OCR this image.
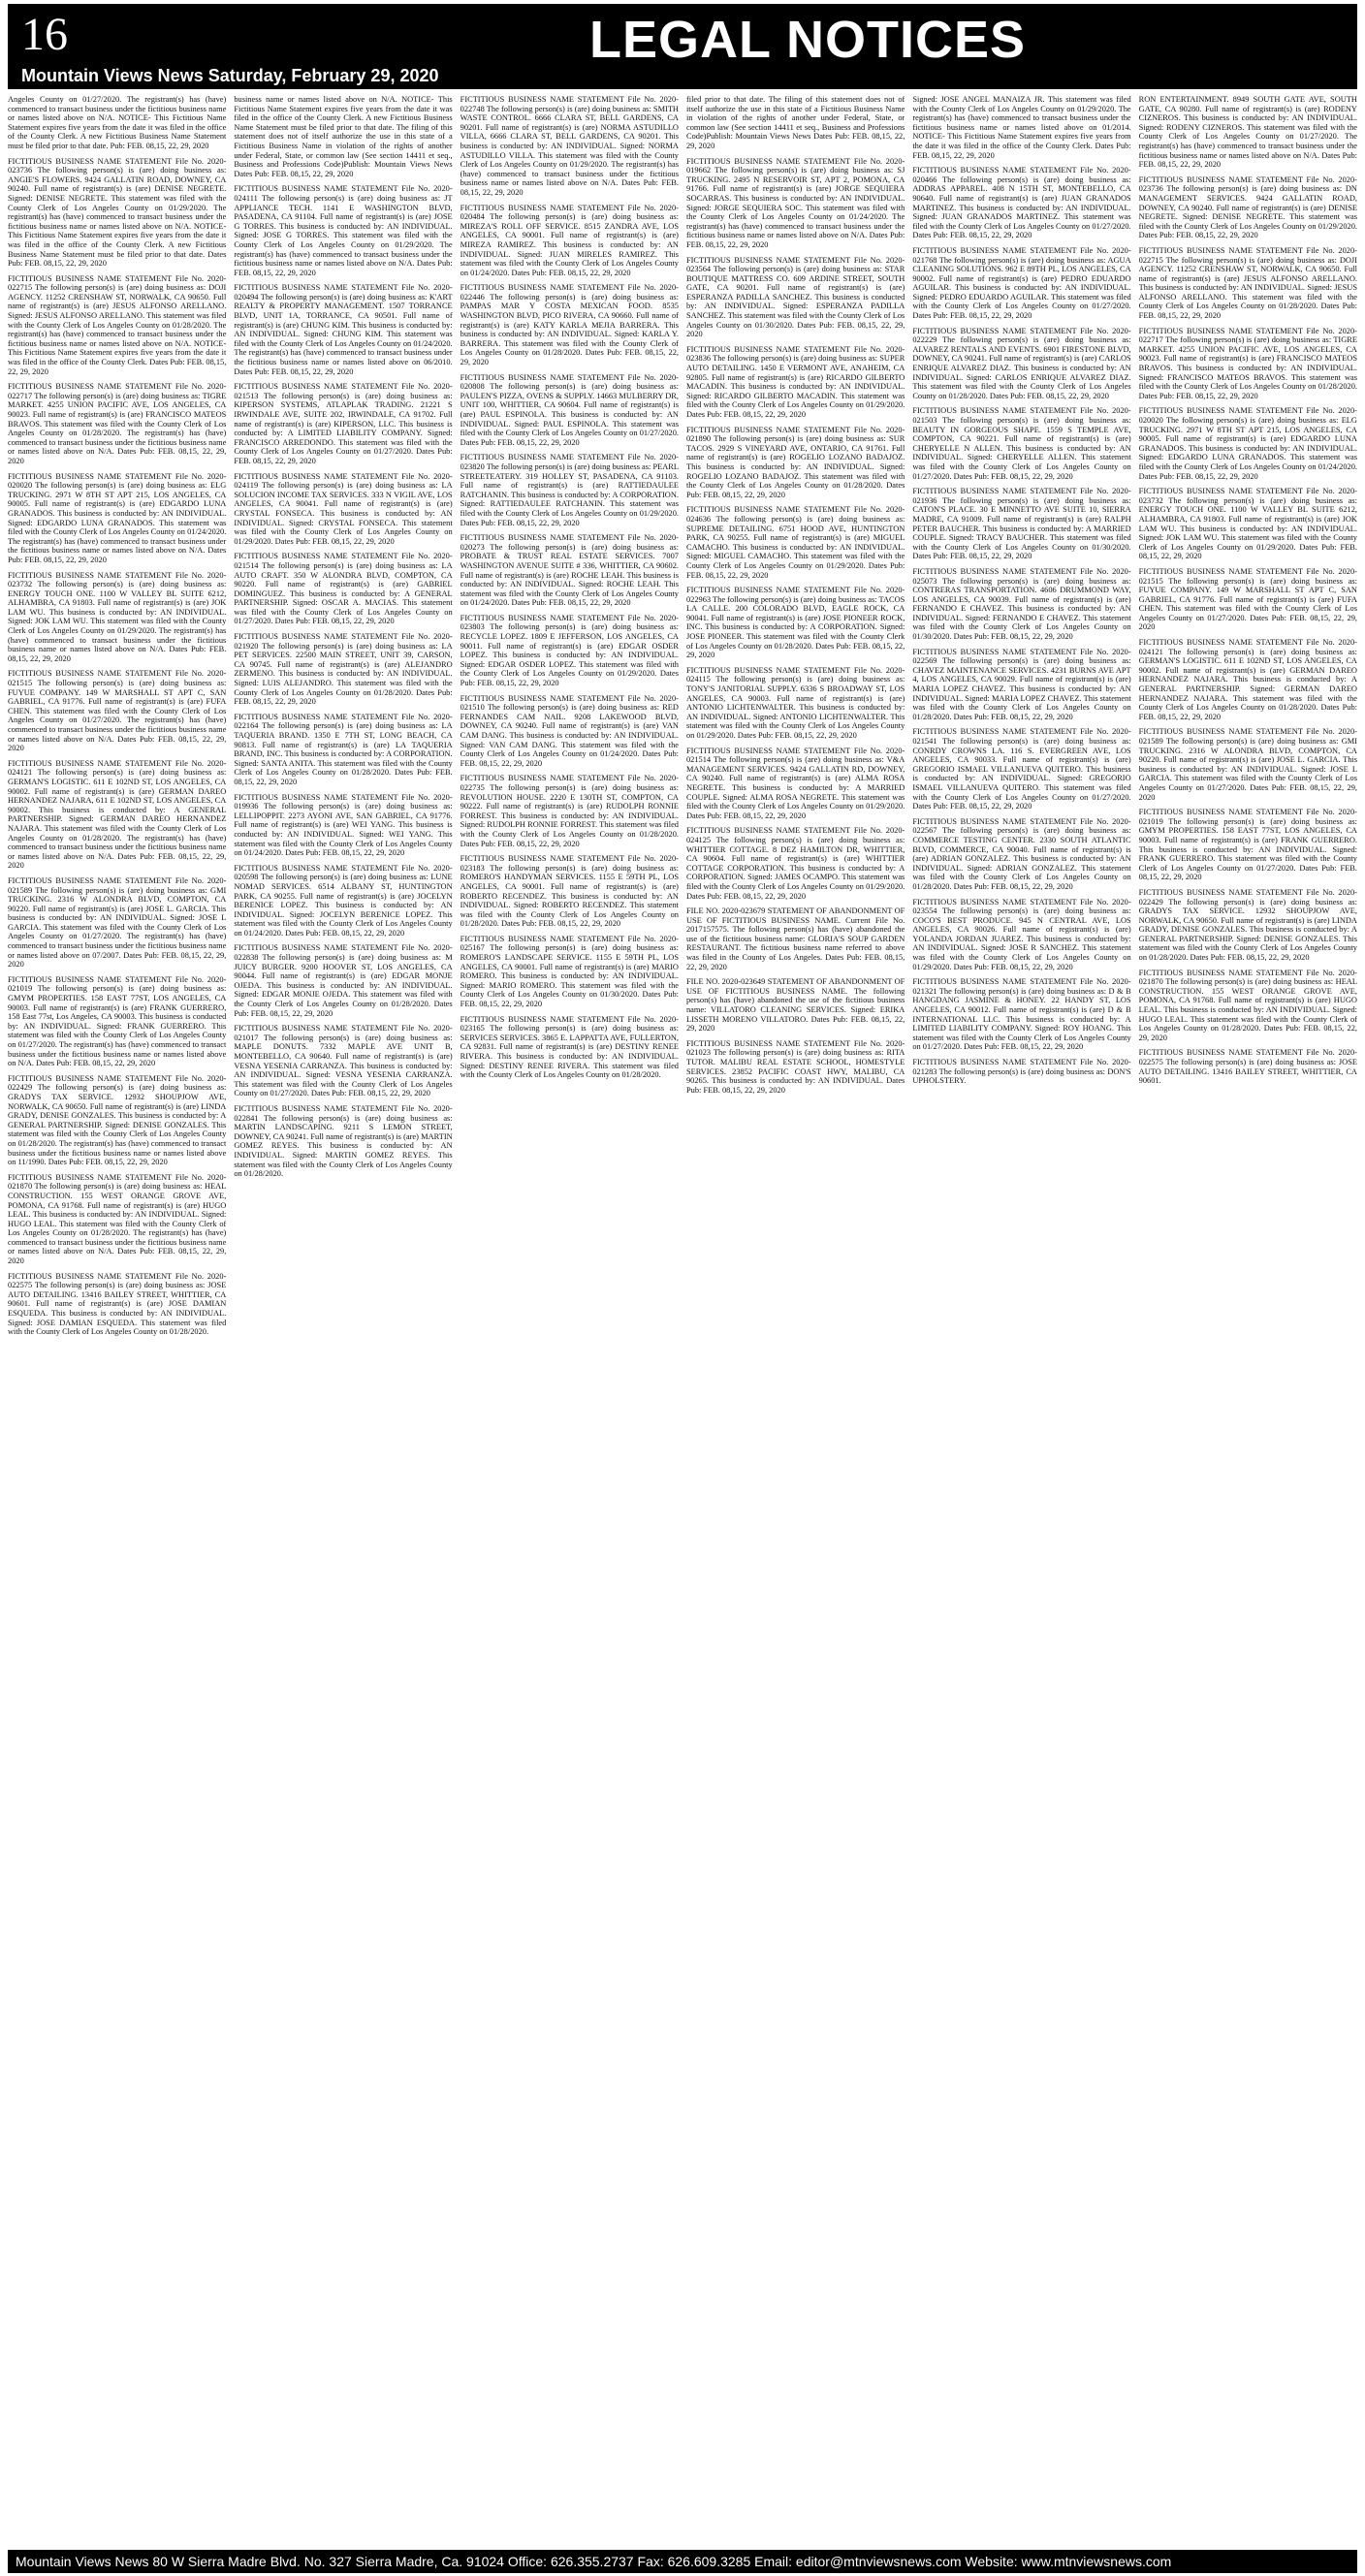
16	LEGAL NOTICES
Mountain Views News Saturday, February 29, 2020

Angeles County on 01/27/2020. The registrant(s) has (have) commenced to transact business under the fictitious business name or names listed above on N/A. NOTICE- This Fictitious Name Statement expires five years from the date it was filed in the office of the County Clerk. A new Fictitious Business Name Statement must be filed prior to that date. Pub: FEB. 08,15, 22, 29, 2020

FICTITIOUS BUSINESS NAME STATEMENT File No. 2020-023736 The following person(s) is (are) doing business as: ANGIE'S FLOWERS. 9424 GALLATIN ROAD, DOWNEY, CA 90240. Full name of registrant(s) is (are) DENISE NEGRETE. Signed: DENISE NEGRETE. This statement was filed with the County Clerk of Los Angeles County on 01/29/2020. The registrant(s) has (have) commenced to transact business under the fictitious business name or names listed above on N/A. NOTICE- This Fictitious Name Statement expires five years from the date it was filed in the office of the County Clerk. A new Fictitious Business Name Statement must be filed prior to that date. Dates Pub: FEB. 08,15, 22, 29, 2020

FICTITIOUS BUSINESS NAME STATEMENT File No. 2020-022715 The following person(s) is (are) doing business as: DOJI AGENCY. 11252 CRENSHAW ST, NORWALK, CA 90650. Full name of registrant(s) is (are) JESUS ALFONSO ARELLANO. Signed: JESUS ALFONSO ARELLANO. This statement was filed with the County Clerk of Los Angeles County on 01/28/2020. The registrant(s) has (have) commenced to transact business under the fictitious business name or names listed above on N/A. NOTICE- This Fictitious Name Statement expires five years from the date it was filed in the office of the County Clerk. Dates Pub: FEB. 08,15, 22, 29, 2020

FICTITIOUS BUSINESS NAME STATEMENT File No. 2020-022717 The following person(s) is (are) doing business as: TIGRE MARKET. 4255 UNION PACIFIC AVE, LOS ANGELES, CA 90023. Full name of registrant(s) is (are) FRANCISCO MATEOS BRAVOS. This statement was filed with the County Clerk of Los Angeles County on 01/28/2020. The registrant(s) has (have) commenced to transact business under the fictitious business name or names listed above on N/A. Dates Pub: FEB. 08,15, 22, 29, 2020

FICTITIOUS BUSINESS NAME STATEMENT File No. 2020-020020 The following person(s) is (are) doing business as: ELG TRUCKING. 2971 W 8TH ST APT 215, LOS ANGELES, CA 90005. Full name of registrant(s) is (are) EDGARDO LUNA GRANADOS. This business is conducted by: AN INDIVIDUAL. Signed: EDGARDO LUNA GRANADOS. This statement was filed with the County Clerk of Los Angeles County on 01/24/2020. The registrant(s) has (have) commenced to transact business under the fictitious business name or names listed above on N/A. Dates Pub: FEB. 08,15, 22, 29, 2020

FICTITIOUS BUSINESS NAME STATEMENT File No. 2020-023732 The following person(s) is (are) doing business as: ENERGY TOUCH ONE. 1100 W VALLEY BL SUITE 6212, ALHAMBRA, CA 91803. Full name of registrant(s) is (are) JOK LAM WU. This business is conducted by: AN INDIVIDUAL. Signed: JOK LAM WU. This statement was filed with the County Clerk of Los Angeles County on 01/29/2020. The registrant(s) has (have) commenced to transact business under the fictitious business name or names listed above on N/A. Dates Pub: FEB. 08,15, 22, 29, 2020

FICTITIOUS BUSINESS NAME STATEMENT File No. 2020-021515 The following person(s) is (are) doing business as: FUYUE COMPANY. 149 W MARSHALL ST APT C, SAN GABRIEL, CA 91776. Full name of registrant(s) is (are) FUFA CHEN. This statement was filed with the County Clerk of Los Angeles County on 01/27/2020. The registrant(s) has (have) commenced to transact business under the fictitious business name or names listed above on N/A. Dates Pub: FEB. 08,15, 22, 29, 2020

FICTITIOUS BUSINESS NAME STATEMENT File No. 2020-024121 The following person(s) is (are) doing business as: GERMAN'S LOGISTIC. 611 E 102ND ST, LOS ANGELES, CA 90002. Full name of registrant(s) is (are) GERMAN DAREO HERNANDEZ NAJARA, 611 E 102ND ST, LOS ANGELES, CA 90002. This business is conducted by: A GENERAL PARTNERSHIP. Signed: GERMAN DAREO HERNANDEZ NAJARA. This statement was filed with the County Clerk of Los Angeles County on 01/28/2020. The registrant(s) has (have) commenced to transact business under the fictitious business name or names listed above on N/A. Dates Pub: FEB. 08,15, 22, 29, 2020

FICTITIOUS BUSINESS NAME STATEMENT File No. 2020-021589 The following person(s) is (are) doing business as: GMI TRUCKING. 2316 W ALONDRA BLVD, COMPTON, CA 90220. Full name of registrant(s) is (are) JOSE L. GARCIA. This business is conducted by: AN INDIVIDUAL. Signed: JOSE L GARCIA. This statement was filed with the County Clerk of Los Angeles County on 01/27/2020. The registrant(s) has (have) commenced to transact business under the fictitious business name or names listed above on 07/2007. Dates Pub: FEB. 08,15, 22, 29, 2020

FICTITIOUS BUSINESS NAME STATEMENT File No. 2020-021019 The following person(s) is (are) doing business as: GMYM PROPERTIES. 158 EAST 77ST, LOS ANGELES, CA 90003. Full name of registrant(s) is (are) FRANK GUERRERO, 158 East 77st, Los Angeles, CA 90003. This business is conducted by: AN INDIVIDUAL. Signed: FRANK GUERRERO. This statement was filed with the County Clerk of Los Angeles County on 01/27/2020. The registrant(s) has (have) commenced to transact business under the fictitious business name or names listed above on N/A. Dates Pub: FEB. 08,15, 22, 29, 2020

FICTITIOUS BUSINESS NAME STATEMENT File No. 2020-022429 The following person(s) is (are) doing business as: GRADYS TAX SERVICE. 12932 SHOUPJOW AVE, NORWALK, CA 90650. Full name of registrant(s) is (are) LINDA GRADY, DENISE GONZALES. This business is conducted by: A GENERAL PARTNERSHIP. Signed: DENISE GONZALES. This statement was filed with the County Clerk of Los Angeles County on 01/28/2020. The registrant(s) has (have) commenced to transact business under the fictitious business name or names listed above on 11/1990. Dates Pub: FEB. 08,15, 22, 29, 2020

FICTITIOUS BUSINESS NAME STATEMENT File No. 2020-021870 The following person(s) is (are) doing business as: HEAL CONSTRUCTION. 155 WEST ORANGE GROVE AVE, POMONA, CA 91768. Full name of registrant(s) is (are) HUGO LEAL. This business is conducted by: AN INDIVIDUAL. Signed: HUGO LEAL. This statement was filed with the County Clerk of Los Angeles County on 01/28/2020. The registrant(s) has (have) commenced to transact business under the fictitious business name or names listed above on N/A. Dates Pub: FEB. 08,15, 22, 29, 2020

FICTITIOUS BUSINESS NAME STATEMENT File No. 2020-022575 The following person(s) is (are) doing business as: JOSE AUTO DETAILING. 13416 BAILEY STREET, WHITTIER, CA 90601. Full name of registrant(s) is (are) JOSE DAMIAN ESQUEDA. This business is conducted by: AN INDIVIDUAL. Signed: JOSE DAMIAN ESQUEDA. This statement was filed with the County Clerk of Los Angeles County on 01/28/2020.

business name or names listed above on N/A. NOTICE- This Fictitious Name Statement expires five years from the date it was filed in the office of the County Clerk. A new Fictitious Business Name Statement must be filed prior to that date. The filing of this statement does not of itself authorize the use in this state of a Fictitious Business Name in violation of the rights of another under Federal, State, or common law (See section 14411 et seq., Business and Professions Code)Publish: Mountain Views News Dates Pub: FEB. 08,15, 22, 29, 2020

FICTITIOUS BUSINESS NAME STATEMENT File No. 2020-024111 The following person(s) is (are) doing business as: JT APPLIANCE TECH. 1141 E WASHINGTON BLVD, PASADENA, CA 91104. Full name of registrant(s) is (are) JOSE G TORRES. This business is conducted by: AN INDIVIDUAL. Signed: JOSE G TORRES. This statement was filed with the County Clerk of Los Angeles County on 01/29/2020. The registrant(s) has (have) commenced to transact business under the fictitious business name or names listed above on N/A. Dates Pub: FEB. 08,15, 22, 29, 2020

FICTITIOUS BUSINESS NAME STATEMENT File No. 2020-020494 The following person(s) is (are) doing business as: K'ART REALTY & PROPERTY MANAGEMENT. 1507 TORRANCE BLVD, UNIT 1A, TORRANCE, CA 90501. Full name of registrant(s) is (are) CHUNG KIM. This business is conducted by: AN INDIVIDUAL. Signed: CHUNG KIM. This statement was filed with the County Clerk of Los Angeles County on 01/24/2020. The registrant(s) has (have) commenced to transact business under the fictitious business name or names listed above on 06/2010. Dates Pub: FEB. 08,15, 22, 29, 2020

FICTITIOUS BUSINESS NAME STATEMENT File No. 2020-021513 The following person(s) is (are) doing business as: KIPERSON SYSTEMS, ATLAPLAK TRADING. 21221 S IRWINDALE AVE, SUITE 202, IRWINDALE, CA 91702. Full name of registrant(s) is (are) KIPERSON, LLC. This business is conducted by: A LIMITED LIABILITY COMPANY. Signed: FRANCISCO ARREDONDO. This statement was filed with the County Clerk of Los Angeles County on 01/27/2020. Dates Pub: FEB. 08,15, 22, 29, 2020

FICTITIOUS BUSINESS NAME STATEMENT File No. 2020-024119 The following person(s) is (are) doing business as: LA SOLUCION INCOME TAX SERVICES. 333 N VIGIL AVE, LOS ANGELES, CA 90041. Full name of registrant(s) is (are) CRYSTAL FONSECA. This business is conducted by: AN INDIVIDUAL. Signed: CRYSTAL FONSECA. This statement was filed with the County Clerk of Los Angeles County on 01/29/2020. Dates Pub: FEB. 08,15, 22, 29, 2020

FICTITIOUS BUSINESS NAME STATEMENT File No. 2020-021514 The following person(s) is (are) doing business as: LA AUTO CRAFT. 350 W ALONDRA BLVD, COMPTON, CA 90220. Full name of registrant(s) is (are) GABRIEL DOMINGUEZ. This business is conducted by: A GENERAL PARTNERSHIP. Signed: OSCAR A. MACIAS. This statement was filed with the County Clerk of Los Angeles County on 01/27/2020. Dates Pub: FEB. 08,15, 22, 29, 2020

FICTITIOUS BUSINESS NAME STATEMENT File No. 2020-021920 The following person(s) is (are) doing business as: LA PET SERVICES. 22500 MAIN STREET, UNIT 39, CARSON, CA 90745. Full name of registrant(s) is (are) ALEJANDRO ZERMENO. This business is conducted by: AN INDIVIDUAL. Signed: LUIS ALEJANDRO. This statement was filed with the County Clerk of Los Angeles County on 01/28/2020. Dates Pub: FEB. 08,15, 22, 29, 2020

FICTITIOUS BUSINESS NAME STATEMENT File No. 2020-022164 The following person(s) is (are) doing business as: LA TAQUERIA BRAND. 1350 E 7TH ST, LONG BEACH, CA 90813. Full name of registrant(s) is (are) LA TAQUERIA BRAND, INC. This business is conducted by: A CORPORATION. Signed: SANTA ANITA. This statement was filed with the County Clerk of Los Angeles County on 01/28/2020. Dates Pub: FEB. 08,15, 22, 29, 2020

FICTITIOUS BUSINESS NAME STATEMENT File No. 2020-019936 The following person(s) is (are) doing business as: LELLIPOPPIT. 2273 AYONI AVE, SAN GABRIEL, CA 91776. Full name of registrant(s) is (are) WEI YANG. This business is conducted by: AN INDIVIDUAL. Signed: WEI YANG. This statement was filed with the County Clerk of Los Angeles County on 01/24/2020. Dates Pub: FEB. 08,15, 22, 29, 2020

FICTITIOUS BUSINESS NAME STATEMENT File No. 2020-020598 The following person(s) is (are) doing business as: LUNE NOMAD SERVICES. 6514 ALBANY ST, HUNTINGTON PARK, CA 90255. Full name of registrant(s) is (are) JOCELYN BERENICE LOPEZ. This business is conducted by: AN INDIVIDUAL. Signed: JOCELYN BERENICE LOPEZ. This statement was filed with the County Clerk of Los Angeles County on 01/24/2020. Dates Pub: FEB. 08,15, 22, 29, 2020

FICTITIOUS BUSINESS NAME STATEMENT File No. 2020-022838 The following person(s) is (are) doing business as: M JUICY BURGER. 9200 HOOVER ST, LOS ANGELES, CA 90044. Full name of registrant(s) is (are) EDGAR MONJE OJEDA. This business is conducted by: AN INDIVIDUAL. Signed: EDGAR MONJE OJEDA. This statement was filed with the County Clerk of Los Angeles County on 01/28/2020. Dates Pub: FEB. 08,15, 22, 29, 2020

FICTITIOUS BUSINESS NAME STATEMENT File No. 2020-021017 The following person(s) is (are) doing business as: MAPLE DONUTS. 7332 MAPLE AVE UNIT B, MONTEBELLO, CA 90640. Full name of registrant(s) is (are) VESNA YESENIA CARRANZA. This business is conducted by: AN INDIVIDUAL. Signed: VESNA YESENIA CARRANZA. This statement was filed with the County Clerk of Los Angeles County on 01/27/2020. Dates Pub: FEB. 08,15, 22, 29, 2020

FICTITIOUS BUSINESS NAME STATEMENT File No. 2020-022841 The following person(s) is (are) doing business as: MARTIN LANDSCAPING. 9211 S LEMON STREET, DOWNEY, CA 90241. Full name of registrant(s) is (are) MARTIN GOMEZ REYES. This business is conducted by: AN INDIVIDUAL. Signed: MARTIN GOMEZ REYES. This statement was filed with the County Clerk of Los Angeles County on 01/28/2020.

FICTITIOUS BUSINESS NAME STATEMENT File No. 2020-022748 The following person(s) is (are) doing business as: SMITH WASTE CONTROL. 6666 CLARA ST, BELL GARDENS, CA 90201. Full name of registrant(s) is (are) NORMA ASTUDILLO VILLA, 6666 CLARA ST, BELL GARDENS, CA 90201. This business is conducted by: AN INDIVIDUAL. Signed: NORMA ASTUDILLO VILLA. This statement was filed with the County Clerk of Los Angeles County on 01/29/2020. The registrant(s) has (have) commenced to transact business under the fictitious business name or names listed above on N/A. Dates Pub: FEB. 08,15, 22, 29, 2020

FICTITIOUS BUSINESS NAME STATEMENT File No. 2020-020484 The following person(s) is (are) doing business as: MIREZA'S ROLL OFF SERVICE. 8515 ZANDRA AVE, LOS ANGELES, CA 90001. Full name of registrant(s) is (are) MIREZA RAMIREZ. This business is conducted by: AN INDIVIDUAL. Signed: JUAN MIRELES RAMIREZ. This statement was filed with the County Clerk of Los Angeles County on 01/24/2020. Dates Pub: FEB. 08,15, 22, 29, 2020

FICTITIOUS BUSINESS NAME STATEMENT File No. 2020-022446 The following person(s) is (are) doing business as: PAMPAS MAR Y COSTA MEXICAN FOOD. 8535 WASHINGTON BLVD, PICO RIVERA, CA 90660. Full name of registrant(s) is (are) KATY KARLA MEJIA BARRERA. This business is conducted by: AN INDIVIDUAL. Signed: KARLA Y. BARRERA. This statement was filed with the County Clerk of Los Angeles County on 01/28/2020. Dates Pub: FEB. 08,15, 22, 29, 2020

FICTITIOUS BUSINESS NAME STATEMENT File No. 2020-020808 The following person(s) is (are) doing business as: PAULEN'S PIZZA, OVENS & SUPPLY. 14663 MULBERRY DR, UNIT 100, WHITTIER, CA 90604. Full name of registrant(s) is (are) PAUL ESPINOLA. This business is conducted by: AN INDIVIDUAL. Signed: PAUL ESPINOLA. This statement was filed with the County Clerk of Los Angeles County on 01/27/2020. Dates Pub: FEB. 08,15, 22, 29, 2020

FICTITIOUS BUSINESS NAME STATEMENT File No. 2020-023820 The following person(s) is (are) doing business as: PEARL STREETEATERY. 319 HOLLEY ST, PASADENA, CA 91103. Full name of registrant(s) is (are) RATTIEDAULEE RATCHANIN. This business is conducted by: A CORPORATION. Signed: RATTIEDAULEE RATCHANIN. This statement was filed with the County Clerk of Los Angeles County on 01/29/2020. Dates Pub: FEB. 08,15, 22, 29, 2020

FICTITIOUS BUSINESS NAME STATEMENT File No. 2020-020273 The following person(s) is (are) doing business as: PROBATE & TRUST REAL ESTATE SERVICES. 7007 WASHINGTON AVENUE SUITE # 336, WHITTIER, CA 90602. Full name of registrant(s) is (are) ROCHE LEAH. This business is conducted by: AN INDIVIDUAL. Signed: ROCHE LEAH. This statement was filed with the County Clerk of Los Angeles County on 01/24/2020. Dates Pub: FEB. 08,15, 22, 29, 2020

FICTITIOUS BUSINESS NAME STATEMENT File No. 2020-023803 The following person(s) is (are) doing business as: RECYCLE LOPEZ. 1809 E JEFFERSON, LOS ANGELES, CA 90011. Full name of registrant(s) is (are) EDGAR OSDER LOPEZ. This business is conducted by: AN INDIVIDUAL. Signed: EDGAR OSDER LOPEZ. This statement was filed with the County Clerk of Los Angeles County on 01/29/2020. Dates Pub: FEB. 08,15, 22, 29, 2020

FICTITIOUS BUSINESS NAME STATEMENT File No. 2020-021510 The following person(s) is (are) doing business as: RED FERNANDES CAM NAIL. 9208 LAKEWOOD BLVD, DOWNEY, CA 90240. Full name of registrant(s) is (are) VAN CAM DANG. This business is conducted by: AN INDIVIDUAL. Signed: VAN CAM DANG. This statement was filed with the County Clerk of Los Angeles County on 01/24/2020. Dates Pub: FEB. 08,15, 22, 29, 2020

FICTITIOUS BUSINESS NAME STATEMENT File No. 2020-022735 The following person(s) is (are) doing business as: REVOLUTION HOUSE. 2220 E 130TH ST, COMPTON, CA 90222. Full name of registrant(s) is (are) RUDOLPH RONNIE FORREST. This business is conducted by: AN INDIVIDUAL. Signed: RUDOLPH RONNIE FORREST. This statement was filed with the County Clerk of Los Angeles County on 01/28/2020. Dates Pub: FEB. 08,15, 22, 29, 2020

FICTITIOUS BUSINESS NAME STATEMENT File No. 2020-023183 The following person(s) is (are) doing business as: ROMERO'S HANDYMAN SERVICES. 1155 E 59TH PL, LOS ANGELES, CA 90001. Full name of registrant(s) is (are) ROBERTO RECENDEZ. This business is conducted by: AN INDIVIDUAL. Signed: ROBERTO RECENDEZ. This statement was filed with the County Clerk of Los Angeles County on 01/28/2020. Dates Pub: FEB. 08,15, 22, 29, 2020

FICTITIOUS BUSINESS NAME STATEMENT File No. 2020-025167 The following person(s) is (are) doing business as: ROMERO'S LANDSCAPE SERVICE. 1155 E 59TH PL, LOS ANGELES, CA 90001. Full name of registrant(s) is (are) MARIO ROMERO. This business is conducted by: AN INDIVIDUAL. Signed: MARIO ROMERO. This statement was filed with the County Clerk of Los Angeles County on 01/30/2020. Dates Pub: FEB. 08,15, 22, 29, 2020

FICTITIOUS BUSINESS NAME STATEMENT File No. 2020-023165 The following person(s) is (are) doing business as: SERVICES SERVICES. 3865 E. LAPPATTA AVE, FULLERTON, CA 92831. Full name of registrant(s) is (are) DESTINY RENEE RIVERA. This business is conducted by: AN INDIVIDUAL. Signed: DESTINY RENEE RIVERA. This statement was filed with the County Clerk of Los Angeles County on 01/28/2020.

filed prior to that date. The filing of this statement does not of itself authorize the use in this state of a Fictitious Business Name in violation of the rights of another under Federal, State, or common law (See section 14411 et seq., Business and Professions Code)Publish: Mountain Views News Dates Pub: FEB. 08,15, 22, 29, 2020

FICTITIOUS BUSINESS NAME STATEMENT File No. 2020-019662 The following person(s) is (are) doing business as: SJ TRUCKING. 2495 N RESERVOIR ST, APT 2, POMONA, CA 91766. Full name of registrant(s) is (are) JORGE SEQUIERA SOCARRAS. This business is conducted by: AN INDIVIDUAL. Signed: JORGE SEQUIERA SOC. This statement was filed with the County Clerk of Los Angeles County on 01/24/2020. The registrant(s) has (have) commenced to transact business under the fictitious business name or names listed above on N/A. Dates Pub: FEB. 08,15, 22, 29, 2020

FICTITIOUS BUSINESS NAME STATEMENT File No. 2020-023564 The following person(s) is (are) doing business as: STAR BOUTIQUE MATTRESS CO. 609 ARDINE STREET, SOUTH GATE, CA 90201. Full name of registrant(s) is (are) ESPERANZA PADILLA SANCHEZ. This business is conducted by: AN INDIVIDUAL. Signed: ESPERANZA PADILLA SANCHEZ. This statement was filed with the County Clerk of Los Angeles County on 01/30/2020. Dates Pub: FEB. 08,15, 22, 29, 2020

FICTITIOUS BUSINESS NAME STATEMENT File No. 2020-023836 The following person(s) is (are) doing business as: SUPER AUTO DETAILING. 1450 E VERMONT AVE, ANAHEIM, CA 92805. Full name of registrant(s) is (are) RICARDO GILBERTO MACADIN. This business is conducted by: AN INDIVIDUAL. Signed: RICARDO GILBERTO MACADIN. This statement was filed with the County Clerk of Los Angeles County on 01/29/2020. Dates Pub: FEB. 08,15, 22, 29, 2020

FICTITIOUS BUSINESS NAME STATEMENT File No. 2020-021890 The following person(s) is (are) doing business as: SUR TACOS. 2929 S VINEYARD AVE, ONTARIO, CA 91761. Full name of registrant(s) is (are) ROGELIO LOZANO BADAJOZ. This business is conducted by: AN INDIVIDUAL. Signed: ROGELIO LOZANO BADAJOZ. This statement was filed with the County Clerk of Los Angeles County on 01/28/2020. Dates Pub: FEB. 08,15, 22, 29, 2020

FICTITIOUS BUSINESS NAME STATEMENT File No. 2020-024636 The following person(s) is (are) doing business as: SUPREME DETAILING. 6751 HOOD AVE, HUNTINGTON PARK, CA 90255. Full name of registrant(s) is (are) MIGUEL CAMACHO. This business is conducted by: AN INDIVIDUAL. Signed: MIGUEL CAMACHO. This statement was filed with the County Clerk of Los Angeles County on 01/29/2020. Dates Pub: FEB. 08,15, 22, 29, 2020

FICTITIOUS BUSINESS NAME STATEMENT File No. 2020-022963 The following person(s) is (are) doing business as: TACOS LA CALLE. 200 COLORADO BLVD, EAGLE ROCK, CA 90041. Full name of registrant(s) is (are) JOSE PIONEER ROCK, INC. This business is conducted by: A CORPORATION. Signed: JOSE PIONEER. This statement was filed with the County Clerk of Los Angeles County on 01/28/2020. Dates Pub: FEB. 08,15, 22, 29, 2020

FICTITIOUS BUSINESS NAME STATEMENT File No. 2020-024115 The following person(s) is (are) doing business as: TONY'S JANITORIAL SUPPLY. 6336 S BROADWAY ST, LOS ANGELES, CA 90003. Full name of registrant(s) is (are) ANTONIO LICHTENWALTER. This business is conducted by: AN INDIVIDUAL. Signed: ANTONIO LICHTENWALTER. This statement was filed with the County Clerk of Los Angeles County on 01/29/2020. Dates Pub: FEB. 08,15, 22, 29, 2020

FICTITIOUS BUSINESS NAME STATEMENT File No. 2020-021514 The following person(s) is (are) doing business as: V&A MANAGEMENT SERVICES. 9424 GALLATIN RD, DOWNEY, CA 90240. Full name of registrant(s) is (are) ALMA ROSA NEGRETE. This business is conducted by: A MARRIED COUPLE. Signed: ALMA ROSA NEGRETE. This statement was filed with the County Clerk of Los Angeles County on 01/29/2020. Dates Pub: FEB. 08,15, 22, 29, 2020

FICTITIOUS BUSINESS NAME STATEMENT File No. 2020-024125 The following person(s) is (are) doing business as: WHITTIER COTTAGE. 8 DEZ HAMILTON DR, WHITTIER, CA 90604. Full name of registrant(s) is (are) WHITTIER COTTAGE CORPORATION. This business is conducted by: A CORPORATION. Signed: JAMES OCAMPO. This statement was filed with the County Clerk of Los Angeles County on 01/29/2020. Dates Pub: FEB. 08,15, 22, 29, 2020

FILE NO. 2020-023679 STATEMENT OF ABANDONMENT OF USE OF FICTITIOUS BUSINESS NAME. Current File No. 2017157575. The following person(s) has (have) abandoned the use of the fictitious business name: GLORIA'S SOUP GARDEN RESTAURANT. The fictitious business name referred to above was filed in the County of Los Angeles. Dates Pub: FEB. 08,15, 22, 29, 2020

FILE NO. 2020-023649 STATEMENT OF ABANDONMENT OF USE OF FICTITIOUS BUSINESS NAME. The following person(s) has (have) abandoned the use of the fictitious business name: VILLATORO CLEANING SERVICES. Signed: ERIKA LISSETH MORENO VILLATORO. Dates Pub: FEB. 08,15, 22, 29, 2020

FICTITIOUS BUSINESS NAME STATEMENT File No. 2020-021023 The following person(s) is (are) doing business as: RITA TUTOR. MALIBU REAL ESTATE SCHOOL, HOMESTYLE SERVICES. 23852 PACIFIC COAST HWY, MALIBU, CA 90265. This business is conducted by: AN INDIVIDUAL. Dates Pub: FEB. 08,15, 22, 29, 2020

Signed: JOSE ANGEL MANAIZA JR. This statement was filed with the County Clerk of Los Angeles County on 01/29/2020. The registrant(s) has (have) commenced to transact business under the fictitious business name or names listed above on 01/2014. NOTICE- This Fictitious Name Statement expires five years from the date it was filed in the office of the County Clerk. Dates Pub: FEB. 08,15, 22, 29, 2020

FICTITIOUS BUSINESS NAME STATEMENT File No. 2020-020466 The following person(s) is (are) doing business as: ADDRAS APPAREL. 408 N 15TH ST, MONTEBELLO, CA 90640. Full name of registrant(s) is (are) JUAN GRANADOS MARTINEZ. This business is conducted by: AN INDIVIDUAL. Signed: JUAN GRANADOS MARTINEZ. This statement was filed with the County Clerk of Los Angeles County on 01/27/2020. Dates Pub: FEB. 08,15, 22, 29, 2020

FICTITIOUS BUSINESS NAME STATEMENT File No. 2020-021768 The following person(s) is (are) doing business as: AGUA CLEANING SOLUTIONS. 962 E 89TH PL, LOS ANGELES, CA 90002. Full name of registrant(s) is (are) PEDRO EDUARDO AGUILAR. This business is conducted by: AN INDIVIDUAL. Signed: PEDRO EDUARDO AGUILAR. This statement was filed with the County Clerk of Los Angeles County on 01/27/2020. Dates Pub: FEB. 08,15, 22, 29, 2020

FICTITIOUS BUSINESS NAME STATEMENT File No. 2020-022229 The following person(s) is (are) doing business as: ALVAREZ RENTALS AND EVENTS. 6901 FIRESTONE BLVD, DOWNEY, CA 90241. Full name of registrant(s) is (are) CARLOS ENRIQUE ALVAREZ DIAZ. This business is conducted by: AN INDIVIDUAL. Signed: CARLOS ENRIQUE ALVAREZ DIAZ. This statement was filed with the County Clerk of Los Angeles County on 01/28/2020. Dates Pub: FEB. 08,15, 22, 29, 2020

FICTITIOUS BUSINESS NAME STATEMENT File No. 2020-021503 The following person(s) is (are) doing business as: BEAUTY IN GORGEOUS SHAPE. 1559 S TEMPLE AVE, COMPTON, CA 90221. Full name of registrant(s) is (are) CHERYELLE N ALLEN. This business is conducted by: AN INDIVIDUAL. Signed: CHERYELLE ALLEN. This statement was filed with the County Clerk of Los Angeles County on 01/27/2020. Dates Pub: FEB. 08,15, 22, 29, 2020

FICTITIOUS BUSINESS NAME STATEMENT File No. 2020-021936 The following person(s) is (are) doing business as: CATON'S PLACE. 30 E MINNETTO AVE SUITE 10, SIERRA MADRE, CA 91009. Full name of registrant(s) is (are) RALPH PETER BAUCHER. This business is conducted by: A MARRIED COUPLE. Signed: TRACY BAUCHER. This statement was filed with the County Clerk of Los Angeles County on 01/30/2020. Dates Pub: FEB. 08,15, 22, 29, 2020

FICTITIOUS BUSINESS NAME STATEMENT File No. 2020-025073 The following person(s) is (are) doing business as: CONTRERAS TRANSPORTATION. 4606 DRUMMOND WAY, LOS ANGELES, CA 90039. Full name of registrant(s) is (are) FERNANDO E CHAVEZ. This business is conducted by: AN INDIVIDUAL. Signed: FERNANDO E CHAVEZ. This statement was filed with the County Clerk of Los Angeles County on 01/30/2020. Dates Pub: FEB. 08,15, 22, 29, 2020

FICTITIOUS BUSINESS NAME STATEMENT File No. 2020-022569 The following person(s) is (are) doing business as: CHAVEZ MAINTENANCE SERVICES. 4231 BURNS AVE APT 4, LOS ANGELES, CA 90029. Full name of registrant(s) is (are) MARIA LOPEZ CHAVEZ. This business is conducted by: AN INDIVIDUAL. Signed: MARIA LOPEZ CHAVEZ. This statement was filed with the County Clerk of Los Angeles County on 01/28/2020. Dates Pub: FEB. 08,15, 22, 29, 2020

FICTITIOUS BUSINESS NAME STATEMENT File No. 2020-021541 The following person(s) is (are) doing business as: CONRDY CROWNS LA. 116 S. EVERGREEN AVE, LOS ANGELES, CA 90033. Full name of registrant(s) is (are) GREGORIO ISMAEL VILLANUEVA QUITERO. This business is conducted by: AN INDIVIDUAL. Signed: GREGORIO ISMAEL VILLANUEVA QUITERO. This statement was filed with the County Clerk of Los Angeles County on 01/27/2020. Dates Pub: FEB. 08,15, 22, 29, 2020

FICTITIOUS BUSINESS NAME STATEMENT File No. 2020-022567 The following person(s) is (are) doing business as: COMMERCE TESTING CENTER. 2330 SOUTH ATLANTIC BLVD, COMMERCE, CA 90040. Full name of registrant(s) is (are) ADRIAN GONZALEZ. This business is conducted by: AN INDIVIDUAL. Signed: ADRIAN GONZALEZ. This statement was filed with the County Clerk of Los Angeles County on 01/28/2020. Dates Pub: FEB. 08,15, 22, 29, 2020

FICTITIOUS BUSINESS NAME STATEMENT File No. 2020-023554 The following person(s) is (are) doing business as: COCO'S BEST PRODUCE. 945 N CENTRAL AVE, LOS ANGELES, CA 90026. Full name of registrant(s) is (are) YOLANDA JORDAN JUAREZ. This business is conducted by: AN INDIVIDUAL. Signed: JOSE R SANCHEZ. This statement was filed with the County Clerk of Los Angeles County on 01/29/2020. Dates Pub: FEB. 08,15, 22, 29, 2020

FICTITIOUS BUSINESS NAME STATEMENT File No. 2020-021321 The following person(s) is (are) doing business as: D & B HANGDANG JASMINE & HONEY. 22 HANDY ST, LOS ANGELES, CA 90012. Full name of registrant(s) is (are) D & B INTERNATIONAL LLC. This business is conducted by: A LIMITED LIABILITY COMPANY. Signed: ROY HOANG. This statement was filed with the County Clerk of Los Angeles County on 01/27/2020. Dates Pub: FEB. 08,15, 22, 29, 2020

FICTITIOUS BUSINESS NAME STATEMENT File No. 2020-021283 The following person(s) is (are) doing business as: DON'S UPHOLSTERY.

RON ENTERTAINMENT. 8949 SOUTH GATE AVE, SOUTH GATE, CA 90280. Full name of registrant(s) is (are) RODENY CIZNEROS. This business is conducted by: AN INDIVIDUAL. Signed: RODENY CIZNEROS. This statement was filed with the County Clerk of Los Angeles County on 01/27/2020. The registrant(s) has (have) commenced to transact business under the fictitious business name or names listed above on N/A. Dates Pub: FEB. 08,15, 22, 29, 2020

FICTITIOUS BUSINESS NAME STATEMENT File No. 2020-023736 The following person(s) is (are) doing business as: DN MANAGEMENT SERVICES. 9424 GALLATIN ROAD, DOWNEY, CA 90240. Full name of registrant(s) is (are) DENISE NEGRETE. Signed: DENISE NEGRETE. This statement was filed with the County Clerk of Los Angeles County on 01/29/2020. Dates Pub: FEB. 08,15, 22, 29, 2020

FICTITIOUS BUSINESS NAME STATEMENT File No. 2020-022715 The following person(s) is (are) doing business as: DOJI AGENCY. 11252 CRENSHAW ST, NORWALK, CA 90650. Full name of registrant(s) is (are) JESUS ALFONSO ARELLANO. This business is conducted by: AN INDIVIDUAL. Signed: JESUS ALFONSO ARELLANO. This statement was filed with the County Clerk of Los Angeles County on 01/28/2020. Dates Pub: FEB. 08,15, 22, 29, 2020

FICTITIOUS BUSINESS NAME STATEMENT File No. 2020-022717 The following person(s) is (are) doing business as: TIGRE MARKET. 4255 UNION PACIFIC AVE, LOS ANGELES, CA 90023. Full name of registrant(s) is (are) FRANCISCO MATEOS BRAVOS. This business is conducted by: AN INDIVIDUAL. Signed: FRANCISCO MATEOS BRAVOS. This statement was filed with the County Clerk of Los Angeles County on 01/28/2020. Dates Pub: FEB. 08,15, 22, 29, 2020

FICTITIOUS BUSINESS NAME STATEMENT File No. 2020-020020 The following person(s) is (are) doing business as: ELG TRUCKING. 2971 W 8TH ST APT 215, LOS ANGELES, CA 90005. Full name of registrant(s) is (are) EDGARDO LUNA GRANADOS. This business is conducted by: AN INDIVIDUAL. Signed: EDGARDO LUNA GRANADOS. This statement was filed with the County Clerk of Los Angeles County on 01/24/2020. Dates Pub: FEB. 08,15, 22, 29, 2020

FICTITIOUS BUSINESS NAME STATEMENT File No. 2020-023732 The following person(s) is (are) doing business as: ENERGY TOUCH ONE. 1100 W VALLEY BL SUITE 6212, ALHAMBRA, CA 91803. Full name of registrant(s) is (are) JOK LAM WU. This business is conducted by: AN INDIVIDUAL. Signed: JOK LAM WU. This statement was filed with the County Clerk of Los Angeles County on 01/29/2020. Dates Pub: FEB. 08,15, 22, 29, 2020

FICTITIOUS BUSINESS NAME STATEMENT File No. 2020-021515 The following person(s) is (are) doing business as: FUYUE COMPANY. 149 W MARSHALL ST APT C, SAN GABRIEL, CA 91776. Full name of registrant(s) is (are) FUFA CHEN. This statement was filed with the County Clerk of Los Angeles County on 01/27/2020. Dates Pub: FEB. 08,15, 22, 29, 2020

FICTITIOUS BUSINESS NAME STATEMENT File No. 2020-024121 The following person(s) is (are) doing business as: GERMAN'S LOGISTIC. 611 E 102ND ST, LOS ANGELES, CA 90002. Full name of registrant(s) is (are) GERMAN DAREO HERNANDEZ NAJARA. This business is conducted by: A GENERAL PARTNERSHIP. Signed: GERMAN DAREO HERNANDEZ NAJARA. This statement was filed with the County Clerk of Los Angeles County on 01/28/2020. Dates Pub: FEB. 08,15, 22, 29, 2020

FICTITIOUS BUSINESS NAME STATEMENT File No. 2020-021589 The following person(s) is (are) doing business as: GMI TRUCKING. 2316 W ALONDRA BLVD, COMPTON, CA 90220. Full name of registrant(s) is (are) JOSE L. GARCIA. This business is conducted by: AN INDIVIDUAL. Signed: JOSE L GARCIA. This statement was filed with the County Clerk of Los Angeles County on 01/27/2020. Dates Pub: FEB. 08,15, 22, 29, 2020

FICTITIOUS BUSINESS NAME STATEMENT File No. 2020-021019 The following person(s) is (are) doing business as: GMYM PROPERTIES. 158 EAST 77ST, LOS ANGELES, CA 90003. Full name of registrant(s) is (are) FRANK GUERRERO. This business is conducted by: AN INDIVIDUAL. Signed: FRANK GUERRERO. This statement was filed with the County Clerk of Los Angeles County on 01/27/2020. Dates Pub: FEB. 08,15, 22, 29, 2020

FICTITIOUS BUSINESS NAME STATEMENT File No. 2020-022429 The following person(s) is (are) doing business as: GRADYS TAX SERVICE. 12932 SHOUPJOW AVE, NORWALK, CA 90650. Full name of registrant(s) is (are) LINDA GRADY, DENISE GONZALES. This business is conducted by: A GENERAL PARTNERSHIP. Signed: DENISE GONZALES. This statement was filed with the County Clerk of Los Angeles County on 01/28/2020. Dates Pub: FEB. 08,15, 22, 29, 2020

FICTITIOUS BUSINESS NAME STATEMENT File No. 2020-021870 The following person(s) is (are) doing business as: HEAL CONSTRUCTION. 155 WEST ORANGE GROVE AVE, POMONA, CA 91768. Full name of registrant(s) is (are) HUGO LEAL. This business is conducted by: AN INDIVIDUAL. Signed: HUGO LEAL. This statement was filed with the County Clerk of Los Angeles County on 01/28/2020. Dates Pub: FEB. 08,15, 22, 29, 2020

FICTITIOUS BUSINESS NAME STATEMENT File No. 2020-022575 The following person(s) is (are) doing business as: JOSE AUTO DETAILING. 13416 BAILEY STREET, WHITTIER, CA 90601.

Mountain Views News 80 W Sierra Madre Blvd. No. 327 Sierra Madre, Ca. 91024 Office: 626.355.2737 Fax: 626.609.3285 Email: editor@mtnviewsnews.com Website: www.mtnviewsnews.com
